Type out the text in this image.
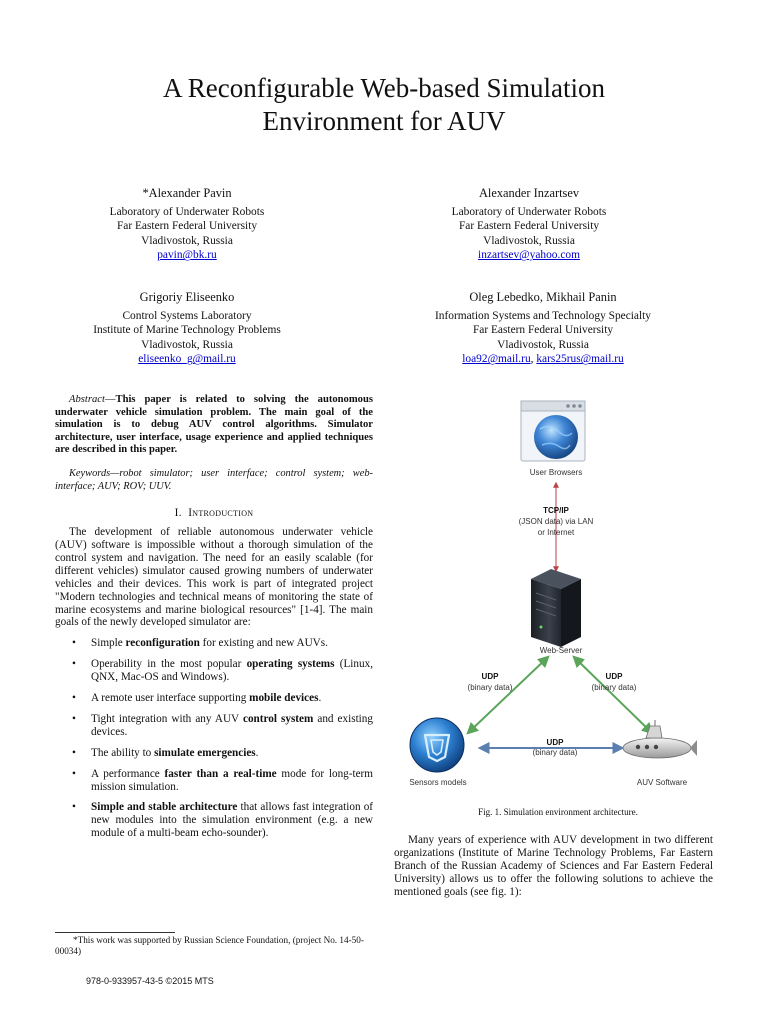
A Reconfigurable Web-based Simulation
Environment for AUV
*Alexander Pavin
Laboratory of Underwater Robots
Far Eastern Federal University
Vladivostok, Russia
pavin@bk.ru
Alexander Inzartsev
Laboratory of Underwater Robots
Far Eastern Federal University
Vladivostok, Russia
inzartsev@yahoo.com
Grigoriy Eliseenko
Control Systems Laboratory
Institute of Marine Technology Problems
Vladivostok, Russia
eliseenko_g@mail.ru
Oleg Lebedko, Mikhail Panin
Information Systems and Technology Specialty
Far Eastern Federal University
Vladivostok, Russia
loa92@mail.ru, kars25rus@mail.ru

Abstract—This paper is related to solving the autonomous underwater vehicle simulation problem. The main goal of the simulation is to debug AUV control algorithms. Simulator architecture, user interface, usage experience and applied techniques are described in this paper.

Keywords—robot simulator; user interface; control system; web-interface; AUV; ROV; UUV.

I. Introduction

The development of reliable autonomous underwater vehicle (AUV) software is impossible without a thorough simulation of the control system and navigation. The need for an easily scalable (for different vehicles) simulator caused growing numbers of underwater vehicles and their devices. This work is part of integrated project "Modern technologies and technical means of monitoring the state of marine ecosystems and marine biological resources" [1-4]. The main goals of the newly developed simulator are:

• Simple reconfiguration for existing and new AUVs.
• Operability in the most popular operating systems (Linux, QNX, Mac-OS and Windows).
• A remote user interface supporting mobile devices.
• Tight integration with any AUV control system and existing devices.
• The ability to simulate emergencies.
• A performance faster than a real-time mode for long-term mission simulation.
• Simple and stable architecture that allows fast integration of new modules into the simulation environment (e.g. a new module of a multi-beam echo-sounder).
*This work was supported by Russian Science Foundation, (project No. 14-50-00034)
978-0-933957-43-5 ©2015 MTS
User Browsers
TCP/IP
(JSON data) via LAN
or Internet
Web-Server
UDP
(binary data)
UDP
(binary data)
UDP
(binary data)
Sensors models	AUV Software
Fig. 1. Simulation environment architecture.

Many years of experience with AUV development in two different organizations (Institute of Marine Technology Problems, Far Eastern Branch of the Russian Academy of Sciences and Far Eastern Federal University) allows us to offer the following solutions to achieve the mentioned goals (see fig. 1):
